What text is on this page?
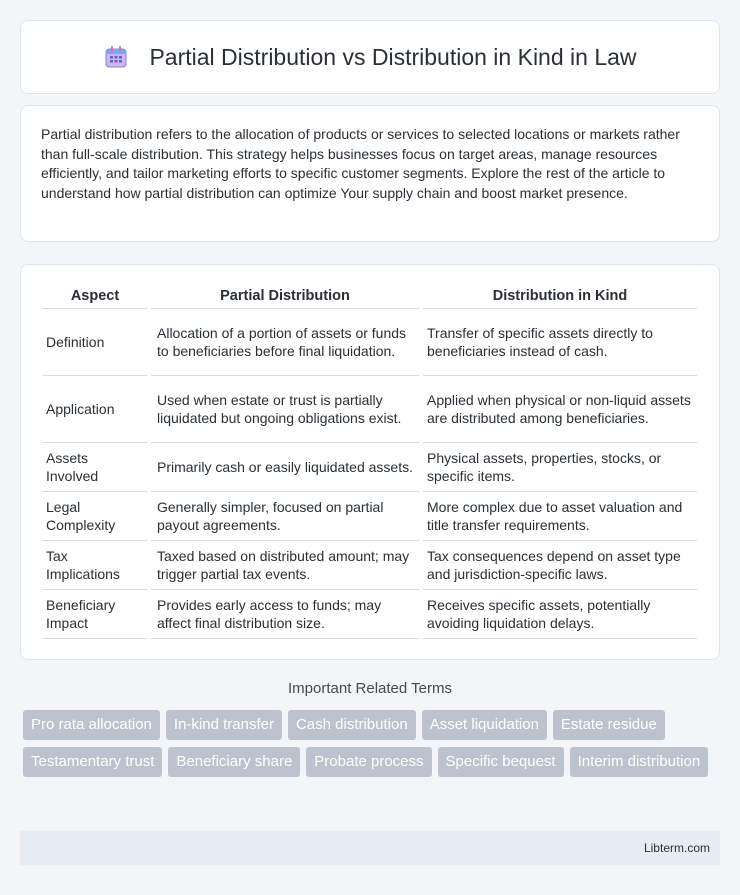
Partial Distribution vs Distribution in Kind in Law

Partial distribution refers to the allocation of products or services to selected locations or markets rather than full-scale distribution. This strategy helps businesses focus on target areas, manage resources efficiently, and tailor marketing efforts to specific customer segments. Explore the rest of the article to understand how partial distribution can optimize Your supply chain and boost market presence.

Aspect	Partial Distribution	Distribution in Kind
Definition	Allocation of a portion of assets or funds to beneficiaries before final liquidation.	Transfer of specific assets directly to beneficiaries instead of cash.
Application	Used when estate or trust is partially liquidated but ongoing obligations exist.	Applied when physical or non-liquid assets are distributed among beneficiaries.
Assets Involved	Primarily cash or easily liquidated assets.	Physical assets, properties, stocks, or specific items.
Legal Complexity	Generally simpler, focused on partial payout agreements.	More complex due to asset valuation and title transfer requirements.
Tax Implications	Taxed based on distributed amount; may trigger partial tax events.	Tax consequences depend on asset type and jurisdiction-specific laws.
Beneficiary Impact	Provides early access to funds; may affect final distribution size.	Receives specific assets, potentially avoiding liquidation delays.
Important Related Terms
Pro rata allocation	In-kind transfer	Cash distribution	Asset liquidation	Estate residue
Testamentary trust	Beneficiary share	Probate process	Specific bequest	Interim distribution
Libterm.com
